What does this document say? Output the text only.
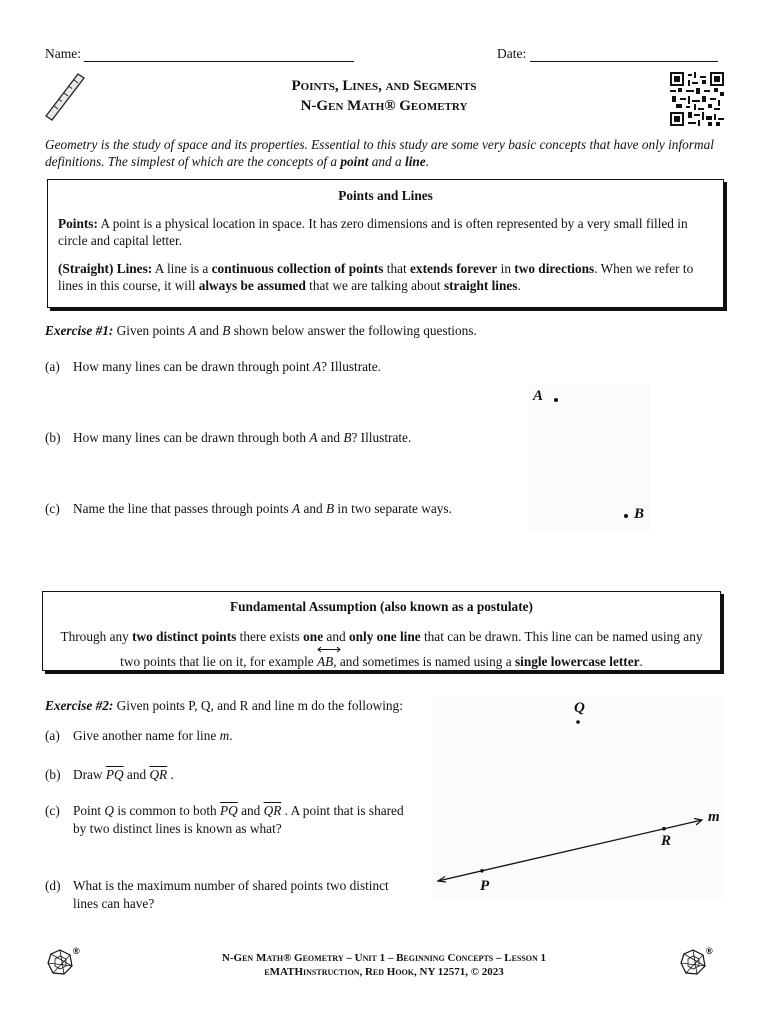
Name:	Date:
Points, Lines, and Segments
N-Gen Math® Geometry
Geometry is the study of space and its properties. Essential to this study are some very basic concepts that have only informal definitions. The simplest of which are the concepts of a point and a line.

Points and Lines

Points: A point is a physical location in space. It has zero dimensions and is often represented by a very small filled in circle and capital letter.

(Straight) Lines: A line is a continuous collection of points that extends forever in two directions. When we refer to lines in this course, it will always be assumed that we are talking about straight lines.

Exercise #1: Given points A and B shown below answer the following questions.
(a) How many lines can be drawn through point A? Illustrate.
(b) How many lines can be drawn through both A and B? Illustrate.
(c) Name the line that passes through points A and B in two separate ways.
A
B

Fundamental Assumption (also known as a postulate)

Through any two distinct points there exists one and only one line that can be drawn. This line can be named using any two points that lie on it, for example
AB, and sometimes is named using a single lowercase letter.

Exercise #2: Given points P, Q, and R and line m do the following:
(a) Give another name for line m.
(b) Draw $\overline{PQ}$ and $\overline{QR}$ .
(c) Point Q is common to both $\overline{PQ}$ and $\overline{QR}$ . A point that is shared by two distinct lines is known as what?
(d) What is the maximum number of shared points two distinct lines can have?
Q
R
P
m
®	®
N-Gen Math® Geometry – Unit 1 – Beginning Concepts – Lesson 1
eMATHinstruction, Red Hook, NY 12571, © 2023
